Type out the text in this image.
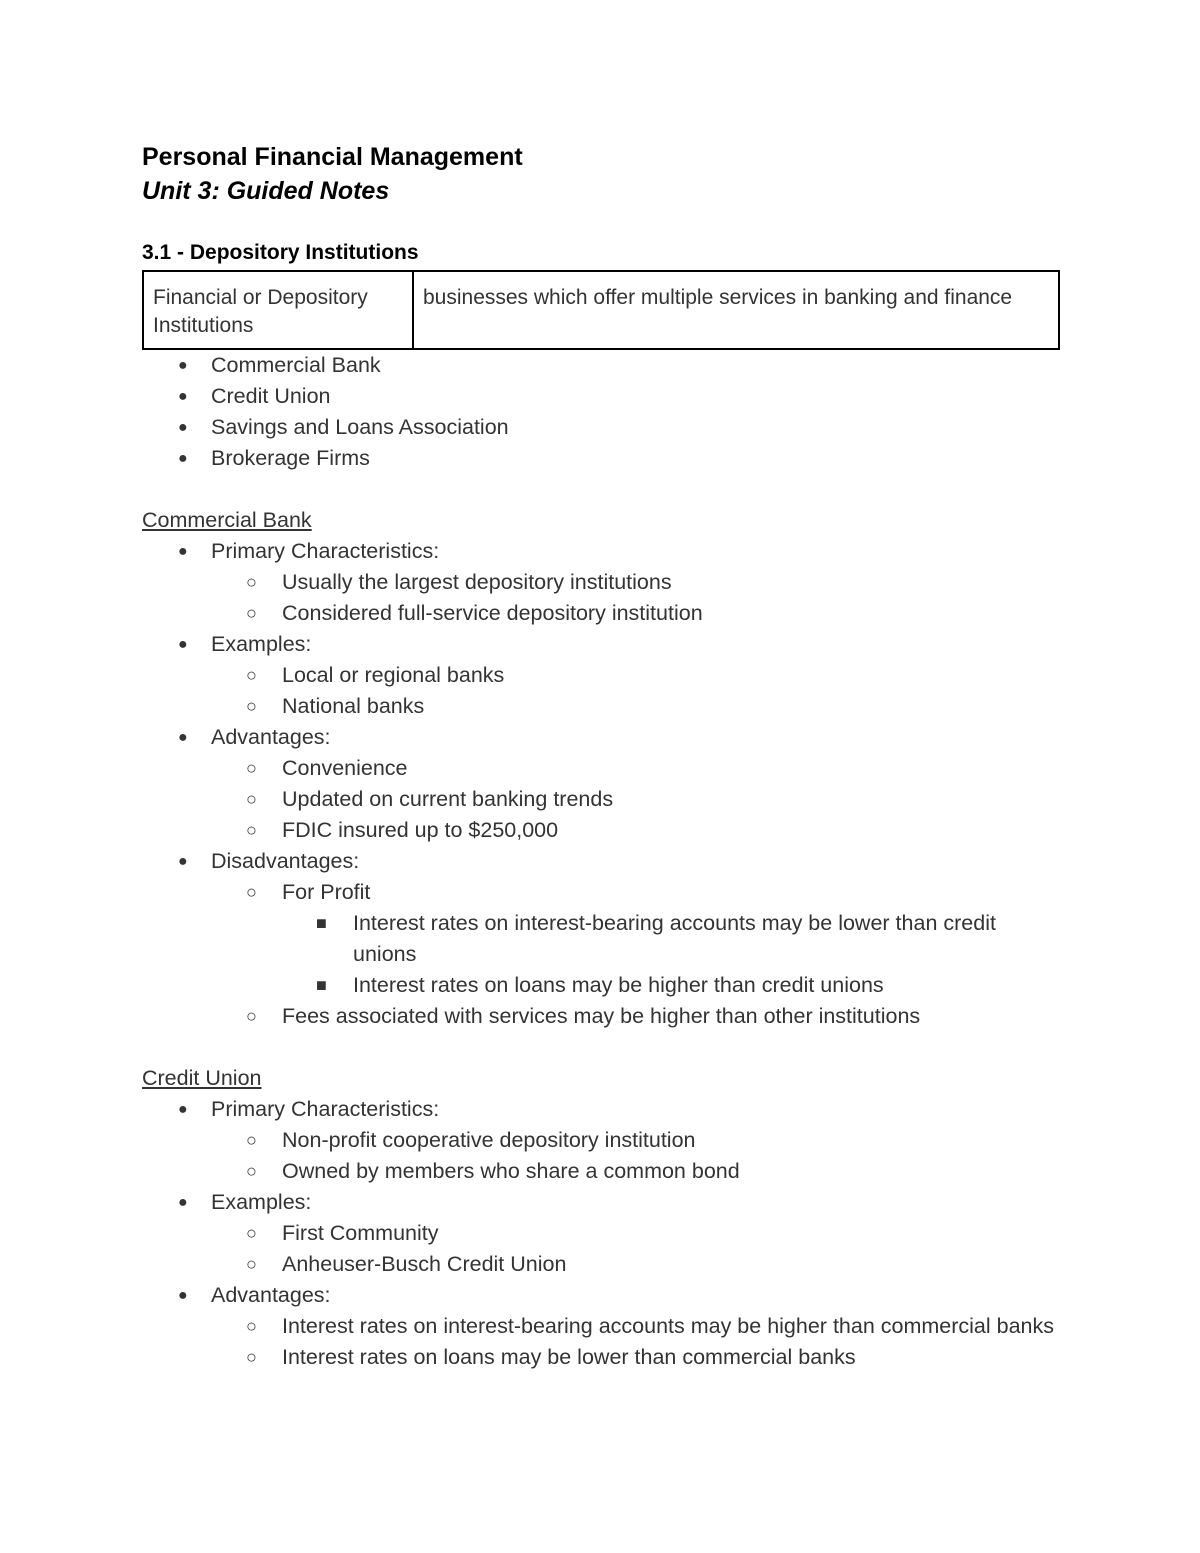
Personal Financial Management
Unit 3: Guided Notes
3.1 - Depository Institutions
Financial or Depository Institutions	businesses which offer multiple services in banking and finance
● Commercial Bank
● Credit Union
● Savings and Loans Association
● Brokerage Firms

Commercial Bank

● Primary Characteristics:
○ Usually the largest depository institutions
○ Considered full-service depository institution
● Examples:
○ Local or regional banks
○ National banks
● Advantages:
○ Convenience
○ Updated on current banking trends
○ FDIC insured up to $250,000
● Disadvantages:
○ For Profit
■ Interest rates on interest-bearing accounts may be lower than credit unions
■ Interest rates on loans may be higher than credit unions
○ Fees associated with services may be higher than other institutions

Credit Union

● Primary Characteristics:
○ Non-profit cooperative depository institution
○ Owned by members who share a common bond
● Examples:
○ First Community
○ Anheuser-Busch Credit Union
● Advantages:
○ Interest rates on interest-bearing accounts may be higher than commercial banks
○ Interest rates on loans may be lower than commercial banks
